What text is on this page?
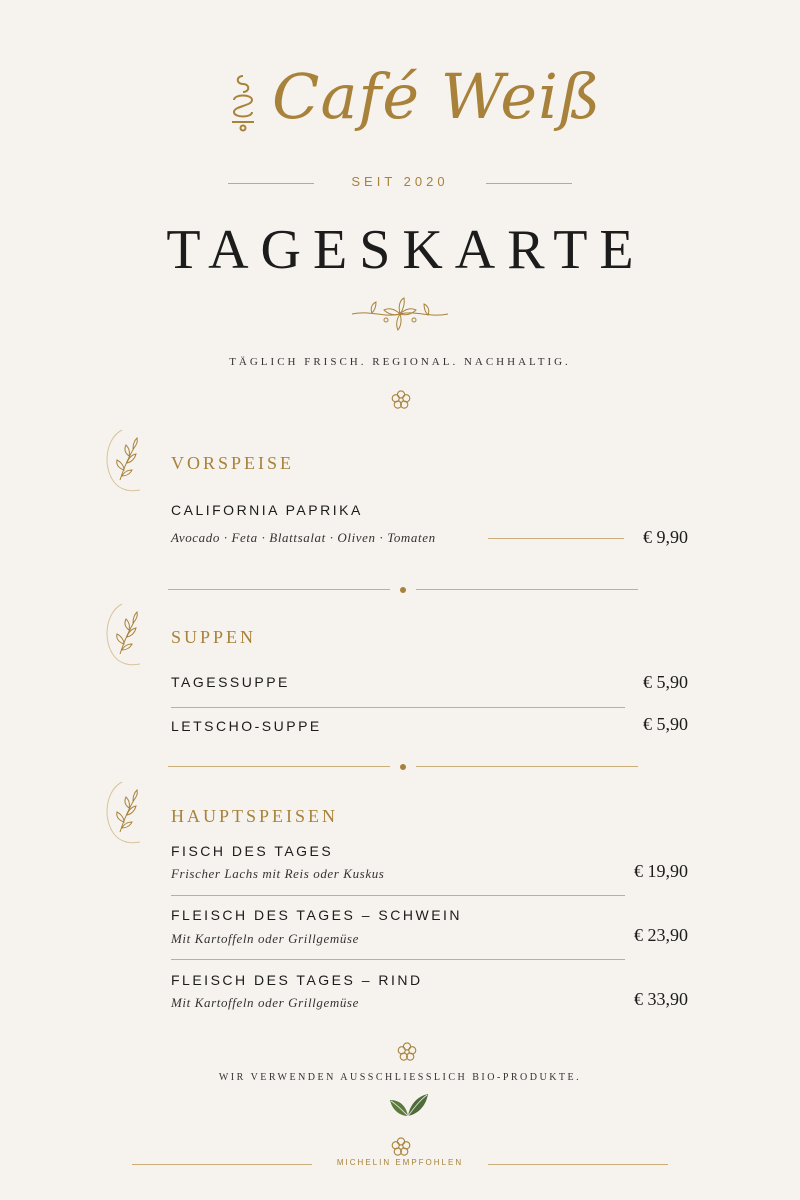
Café Weiß
SEIT 2020
TAGESKARTE
TÄGLICH FRISCH. REGIONAL. NACHHALTIG.
VORSPEISE
CALIFORNIA PAPRIKA
Avocado · Feta · Blattsalat · Oliven · Tomaten	€ 9,90
SUPPEN
TAGESSUPPE	€ 5,90
LETSCHO-SUPPE	€ 5,90
HAUPTSPEISEN
FISCH DES TAGES
Frischer Lachs mit Reis oder Kuskus	€ 19,90
FLEISCH DES TAGES – SCHWEIN
Mit Kartoffeln oder Grillgemüse	€ 23,90
FLEISCH DES TAGES – RIND
Mit Kartoffeln oder Grillgemüse	€ 33,90
WIR VERWENDEN AUSSCHLIESSLICH BIO-PRODUKTE.
MICHELIN EMPFOHLEN
